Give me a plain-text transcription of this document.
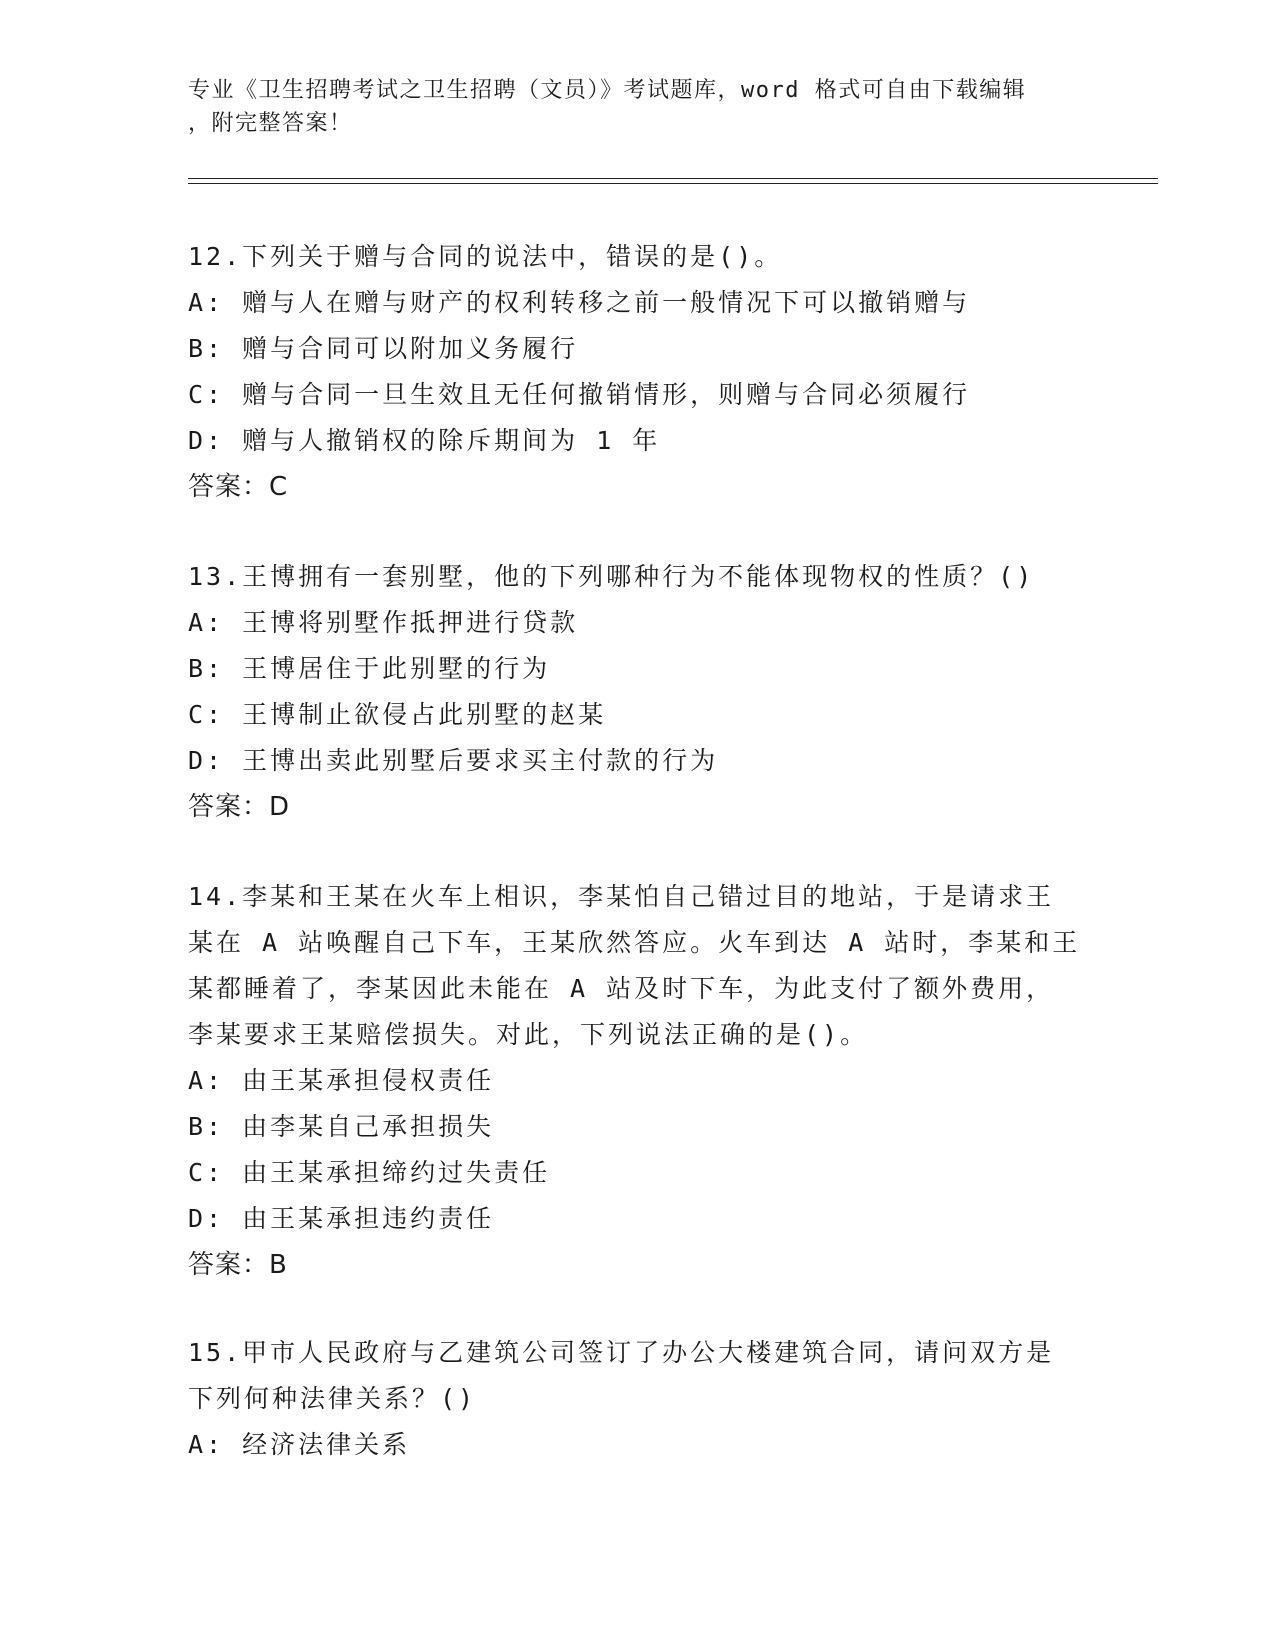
专业《卫生招聘考试之卫生招聘（文员）》考试题库，word 格式可自由下载编辑
，附完整答案！
12.下列关于赠与合同的说法中，错误的是()。
A: 赠与人在赠与财产的权利转移之前一般情况下可以撤销赠与
B: 赠与合同可以附加义务履行
C: 赠与合同一旦生效且无任何撤销情形，则赠与合同必须履行
D: 赠与人撤销权的除斥期间为 1 年
答案：C
13.王博拥有一套别墅，他的下列哪种行为不能体现物权的性质？()
A: 王博将别墅作抵押进行贷款
B: 王博居住于此别墅的行为
C: 王博制止欲侵占此别墅的赵某
D: 王博出卖此别墅后要求买主付款的行为
答案：D
14.李某和王某在火车上相识，李某怕自己错过目的地站，于是请求王
某在 A 站唤醒自己下车，王某欣然答应。火车到达 A 站时，李某和王
某都睡着了，李某因此未能在 A 站及时下车，为此支付了额外费用，
李某要求王某赔偿损失。对此，下列说法正确的是()。
A: 由王某承担侵权责任
B: 由李某自己承担损失
C: 由王某承担缔约过失责任
D: 由王某承担违约责任
答案：B
15.甲市人民政府与乙建筑公司签订了办公大楼建筑合同，请问双方是
下列何种法律关系？()
A: 经济法律关系
